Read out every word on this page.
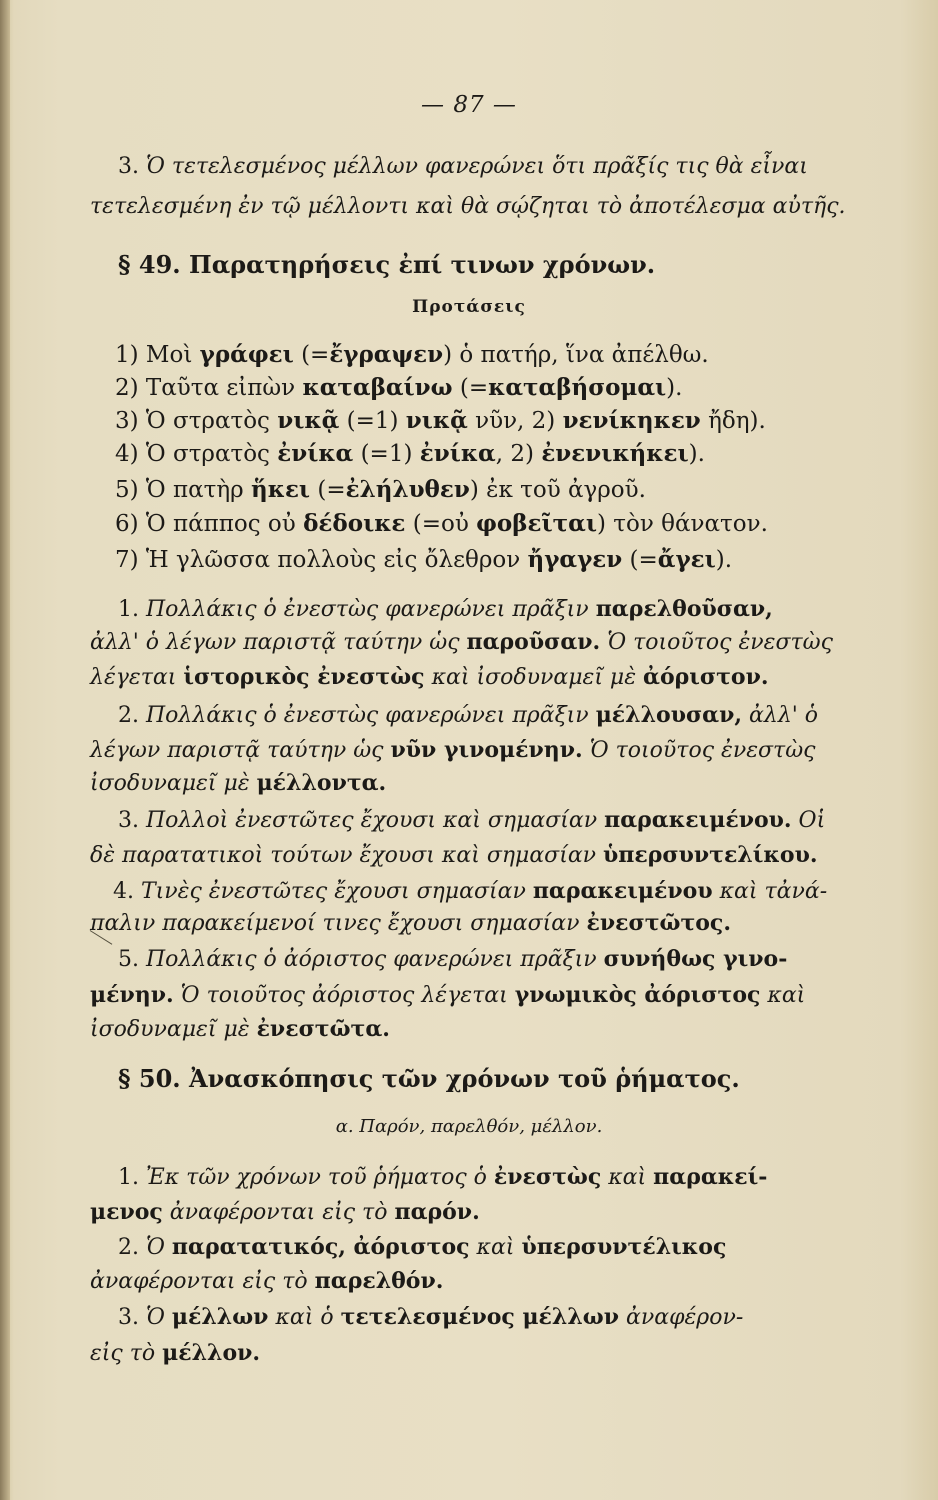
— 87 —
3. Ὁ τετελεσμένος μέλλων φανερώνει ὅτι πρᾶξίς τις θὰ εἶναι
τετελεσμένη ἐν τῷ μέλλοντι καὶ θὰ σῴζηται τὸ ἀποτέλεσμα αὐτῆς.
§ 49. Παρατηρήσεις ἐπί τινων χρόνων.
Προτάσεις
1) Μοὶ γράφει (=ἔγραψεν) ὁ πατήρ, ἵνα ἀπέλθω.
2) Ταῦτα εἰπὼν καταβαίνω (=καταβήσομαι).
3) Ὁ στρατὸς νικᾷ (=1) νικᾷ νῦν, 2) νενίκηκεν ἤδη).
4) Ὁ στρατὸς ἐνίκα (=1) ἐνίκα, 2) ἐνενικήκει).
5) Ὁ πατὴρ ἥκει (=ἐλήλυθεν) ἐκ τοῦ ἀγροῦ.
6) Ὁ πάππος οὐ δέδοικε (=οὐ φοβεῖται) τὸν θάνατον.
7) Ἡ γλῶσσα πολλοὺς εἰς ὄλεθρον ἤγαγεν (=ἄγει).
1. Πολλάκις ὁ ἐνεστὼς φανερώνει πρᾶξιν παρελθοῦσαν,
ἀλλ' ὁ λέγων παριστᾷ ταύτην ὡς παροῦσαν. Ὁ τοιοῦτος ἐνεστὼς
λέγεται ἱστορικὸς ἐνεστὼς καὶ ἰσοδυναμεῖ μὲ ἀόριστον.
2. Πολλάκις ὁ ἐνεστὼς φανερώνει πρᾶξιν μέλλουσαν, ἀλλ' ὁ
λέγων παριστᾷ ταύτην ὡς νῦν γινομένην. Ὁ τοιοῦτος ἐνεστὼς
ἰσοδυναμεῖ μὲ μέλλοντα.
3. Πολλοὶ ἐνεστῶτες ἔχουσι καὶ σημασίαν παρακειμένου. Οἱ
δὲ παρατατικοὶ τούτων ἔχουσι καὶ σημασίαν ὑπερσυντελίκου.
4. Τινὲς ἐνεστῶτες ἔχουσι σημασίαν παρακειμένου καὶ τἀνά-
παλιν παρακείμενοί τινες ἔχουσι σημασίαν ἐνεστῶτος.
5. Πολλάκις ὁ ἀόριστος φανερώνει πρᾶξιν συνήθως γινο-
μένην. Ὁ τοιοῦτος ἀόριστος λέγεται γνωμικὸς ἀόριστος καὶ
ἰσοδυναμεῖ μὲ ἐνεστῶτα.
§ 50. Ἀνασκόπησις τῶν χρόνων τοῦ ῥήματος.
α. Παρόν, παρελθόν, μέλλον.
1. Ἐκ τῶν χρόνων τοῦ ῥήματος ὁ ἐνεστὼς καὶ παρακεί-
μενος ἀναφέρονται εἰς τὸ παρόν.
2. Ὁ παρατατικός, ἀόριστος καὶ ὑπερσυντέλικος
ἀναφέρονται εἰς τὸ παρελθόν.
3. Ὁ μέλλων καὶ ὁ τετελεσμένος μέλλων ἀναφέρον-
εἰς τὸ μέλλον.
